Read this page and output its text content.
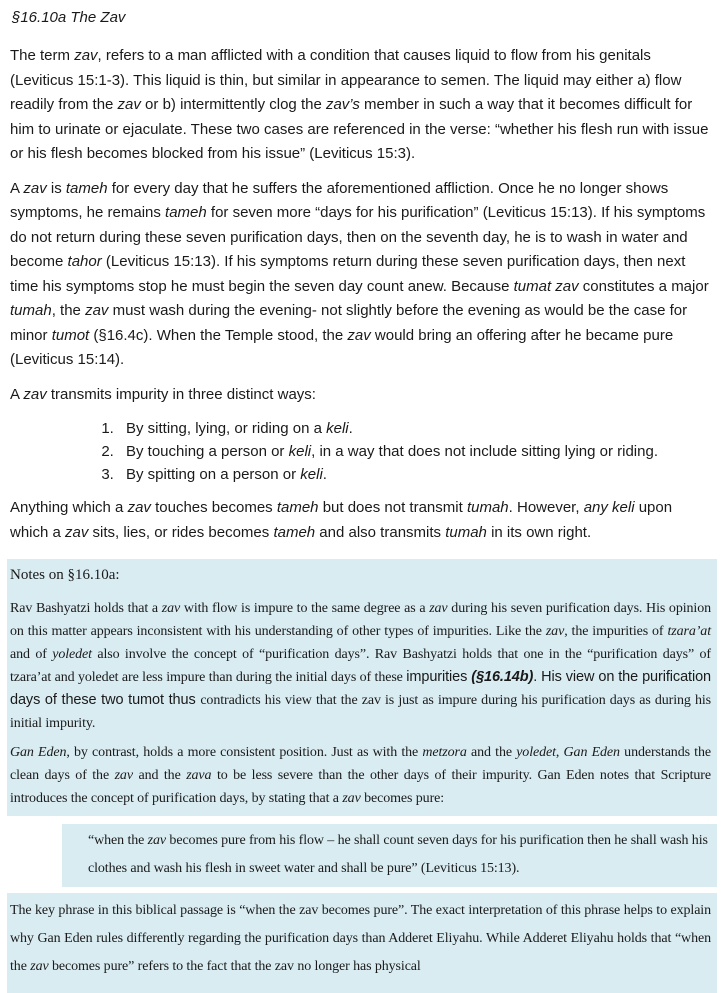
§16.10a The Zav

The term zav, refers to a man afflicted with a condition that causes liquid to flow from his genitals (Leviticus 15:1-3). This liquid is thin, but similar in appearance to semen. The liquid may either a) flow readily from the zav or b) intermittently clog the zav’s member in such a way that it becomes difficult for him to urinate or ejaculate. These two cases are referenced in the verse: “whether his flesh run with issue or his flesh becomes blocked from his issue” (Leviticus 15:3).

A zav is tameh for every day that he suffers the aforementioned affliction. Once he no longer shows symptoms, he remains tameh for seven more “days for his purification” (Leviticus 15:13). If his symptoms do not return during these seven purification days, then on the seventh day, he is to wash in water and become tahor (Leviticus 15:13). If his symptoms return during these seven purification days, then next time his symptoms stop he must begin the seven day count anew. Because tumat zav constitutes a major tumah, the zav must wash during the evening- not slightly before the evening as would be the case for minor tumot (§16.4c). When the Temple stood, the zav would bring an offering after he became pure (Leviticus 15:14).

A zav transmits impurity in three distinct ways:

1. By sitting, lying, or riding on a keli.
2. By touching a person or keli, in a way that does not include sitting lying or riding.
3. By spitting on a person or keli.

Anything which a zav touches becomes tameh but does not transmit tumah. However, any keli upon which a zav sits, lies, or rides becomes tameh and also transmits tumah in its own right.

Notes on §16.10a:

Rav Bashyatzi holds that a zav with flow is impure to the same degree as a zav during his seven purification days. His opinion on this matter appears inconsistent with his understanding of other types of impurities. Like the zav, the impurities of tzara’at and of yoledet also involve the concept of “purification days”. Rav Bashyatzi holds that one in the “purification days” of tzara’at and yoledet are less impure than during the initial days of these impurities (§16.14b). His view on the purification days of these two tumot thus contradicts his view that the zav is just as impure during his purification days as during his initial impurity.

Gan Eden, by contrast, holds a more consistent position. Just as with the metzora and the yoledet, Gan Eden understands the clean days of the zav and the zava to be less severe than the other days of their impurity. Gan Eden notes that Scripture introduces the concept of purification days, by stating that a zav becomes pure:

“when the zav becomes pure from his flow – he shall count seven days for his purification then he shall wash his clothes and wash his flesh in sweet water and shall be pure” (Leviticus 15:13).

The key phrase in this biblical passage is “when the zav becomes pure”. The exact interpretation of this phrase helps to explain why Gan Eden rules differently regarding the purification days than Adderet Eliyahu. While Adderet Eliyahu holds that “when the zav becomes pure” refers to the fact that the zav no longer has physical
